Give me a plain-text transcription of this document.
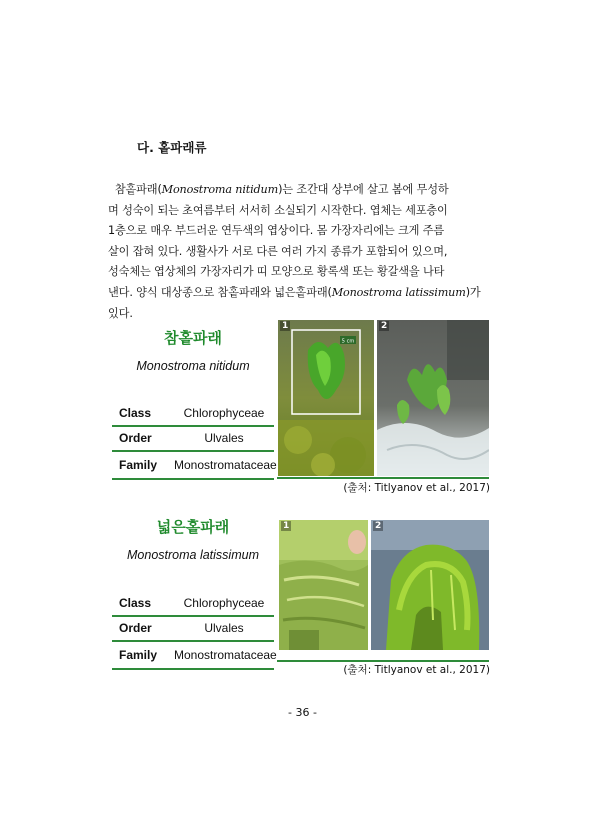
다. 홑파래류
참홑파래(Monostroma nitidum)는 조간대 상부에 살고 봄에 무성하
며 성숙이 되는 초여름부터 서서히 소실되기 시작한다. 엽체는 세포층이
1층으로 매우 부드러운 연두색의 엽상이다. 몸 가장자리에는 크게 주름
살이 잡혀 있다. 생활사가 서로 다른 여러 가지 종류가 포함되어 있으며,
성숙체는 엽상체의 가장자리가 띠 모양으로 황록색 또는 황갈색을 나타
낸다. 양식 대상종으로 참홑파래와 넓은홑파래(Monostroma latissimum)가
있다.
참홑파래
Monostroma nitidum
Class	Chlorophyceae
Order	Ulvales
Family Monostromataceae
5 cm
1	2
(출처: Titlyanov et al., 2017)
넓은홑파래
Monostroma latissimum
Class	Chlorophyceae
Order	Ulvales
Family Monostromataceae
1	2
(출처: Titlyanov et al., 2017)
- 36 -
